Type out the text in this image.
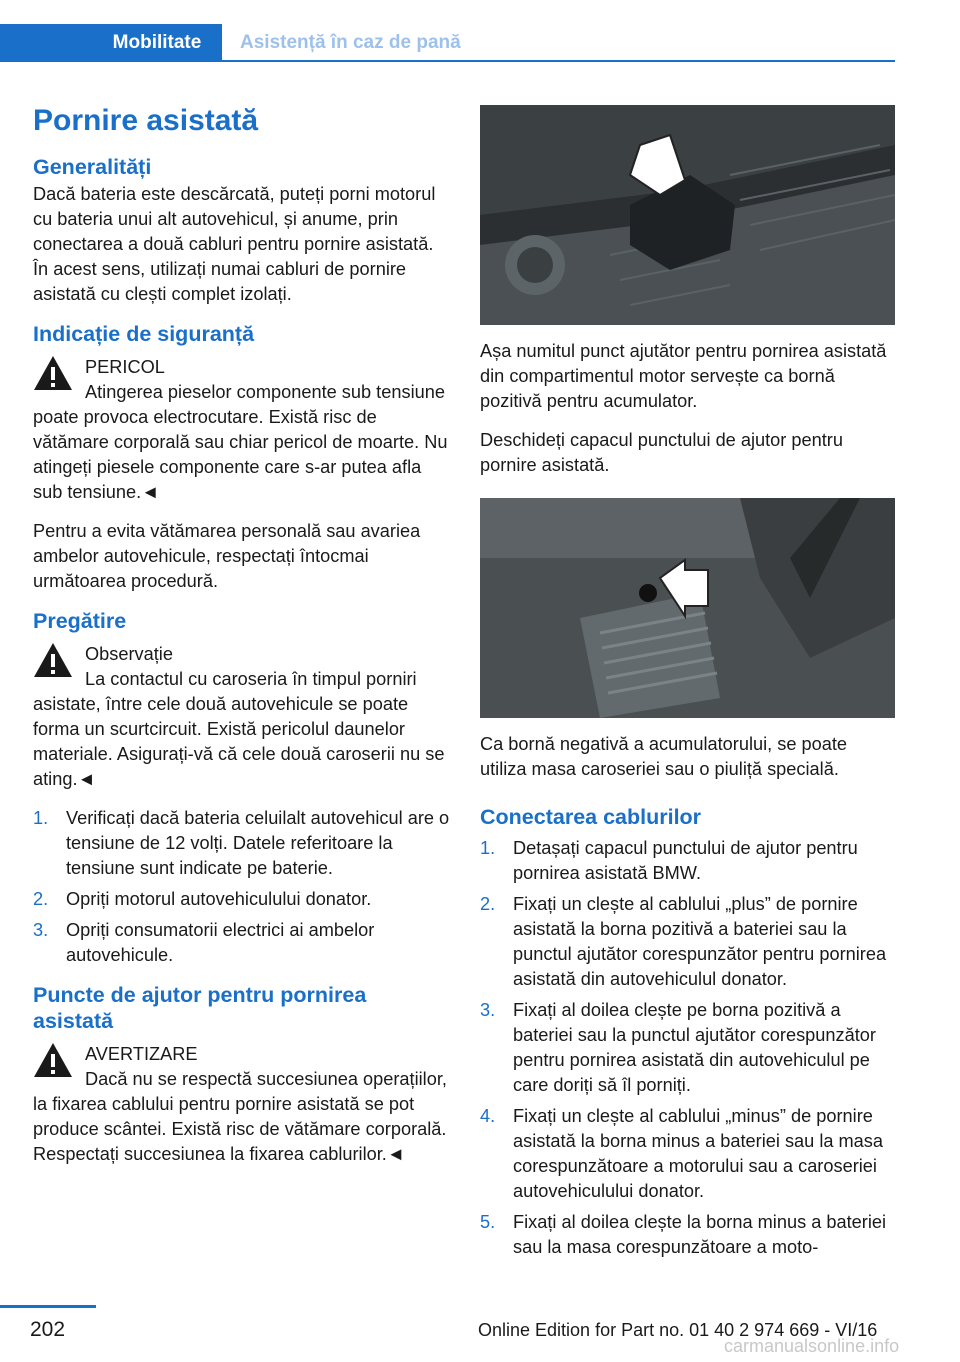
Mobilitate	Asistență în caz de pană
Pornire asistată
Generalități

Dacă bateria este descărcată, puteți porni motorul cu bateria unui alt autovehicul, și anume, prin conectarea a două cabluri pentru pornire asistată. În acest sens, utilizați numai cabluri de pornire asistată cu clești complet izolați.

Indicație de siguranță
PERICOL
Atingerea pieselor componente sub tensiune poate provoca electrocutare. Există risc de vătămare corporală sau chiar pericol de moarte. Nu atingeți piesele componente care s-ar putea afla sub tensiune.◄

Pentru a evita vătămarea personală sau avariea ambelor autovehicule, respectați întocmai următoarea procedură.

Pregătire
Observație
La contactul cu caroseria în timpul porniri asistate, între cele două autovehicule se poate forma un scurtcircuit. Există pericolul daunelor materiale. Asigurați-vă că cele două caroserii nu se ating.◄
1. Verificați dacă bateria celuilalt autovehicul are o tensiune de 12 volți. Datele referitoare la tensiune sunt indicate pe baterie.
2. Opriți motorul autovehiculului donator.
3. Opriți consumatorii electrici ai ambelor autovehicule.
Puncte de ajutor pentru pornirea asistată
AVERTIZARE
Dacă nu se respectă succesiunea operațiilor, la fixarea cablului pentru pornire asistată se pot produce scântei. Există risc de vătămare corporală. Respectați succesiunea la fixarea cablurilor.◄

Așa numitul punct ajutător pentru pornirea asistată din compartimentul motor servește ca bornă pozitivă pentru acumulator.

Deschideți capacul punctului de ajutor pentru pornire asistată.

Ca bornă negativă a acumulatorului, se poate utiliza masa caroseriei sau o piuliță specială.

Conectarea cablurilor
1. Detașați capacul punctului de ajutor pentru pornirea asistată BMW.
2. Fixați un clește al cablului „plus” de pornire asistată la borna pozitivă a bateriei sau la punctul ajutător corespunzător pentru pornirea asistată din autovehiculul donator.
3. Fixați al doilea clește pe borna pozitivă a bateriei sau la punctul ajutător corespunzător pentru pornirea asistată din autovehiculul pe care doriți să îl porniți.
4. Fixați un clește al cablului „minus” de pornire asistată la borna minus a bateriei sau la masa corespunzătoare a motorului sau a caroseriei autovehiculului donator.
5. Fixați al doilea clește la borna minus a bateriei sau la masa corespunzătoare a moto-
202	Online Edition for Part no. 01 40 2 974 669 - VI/16
carmanualsonline.info
